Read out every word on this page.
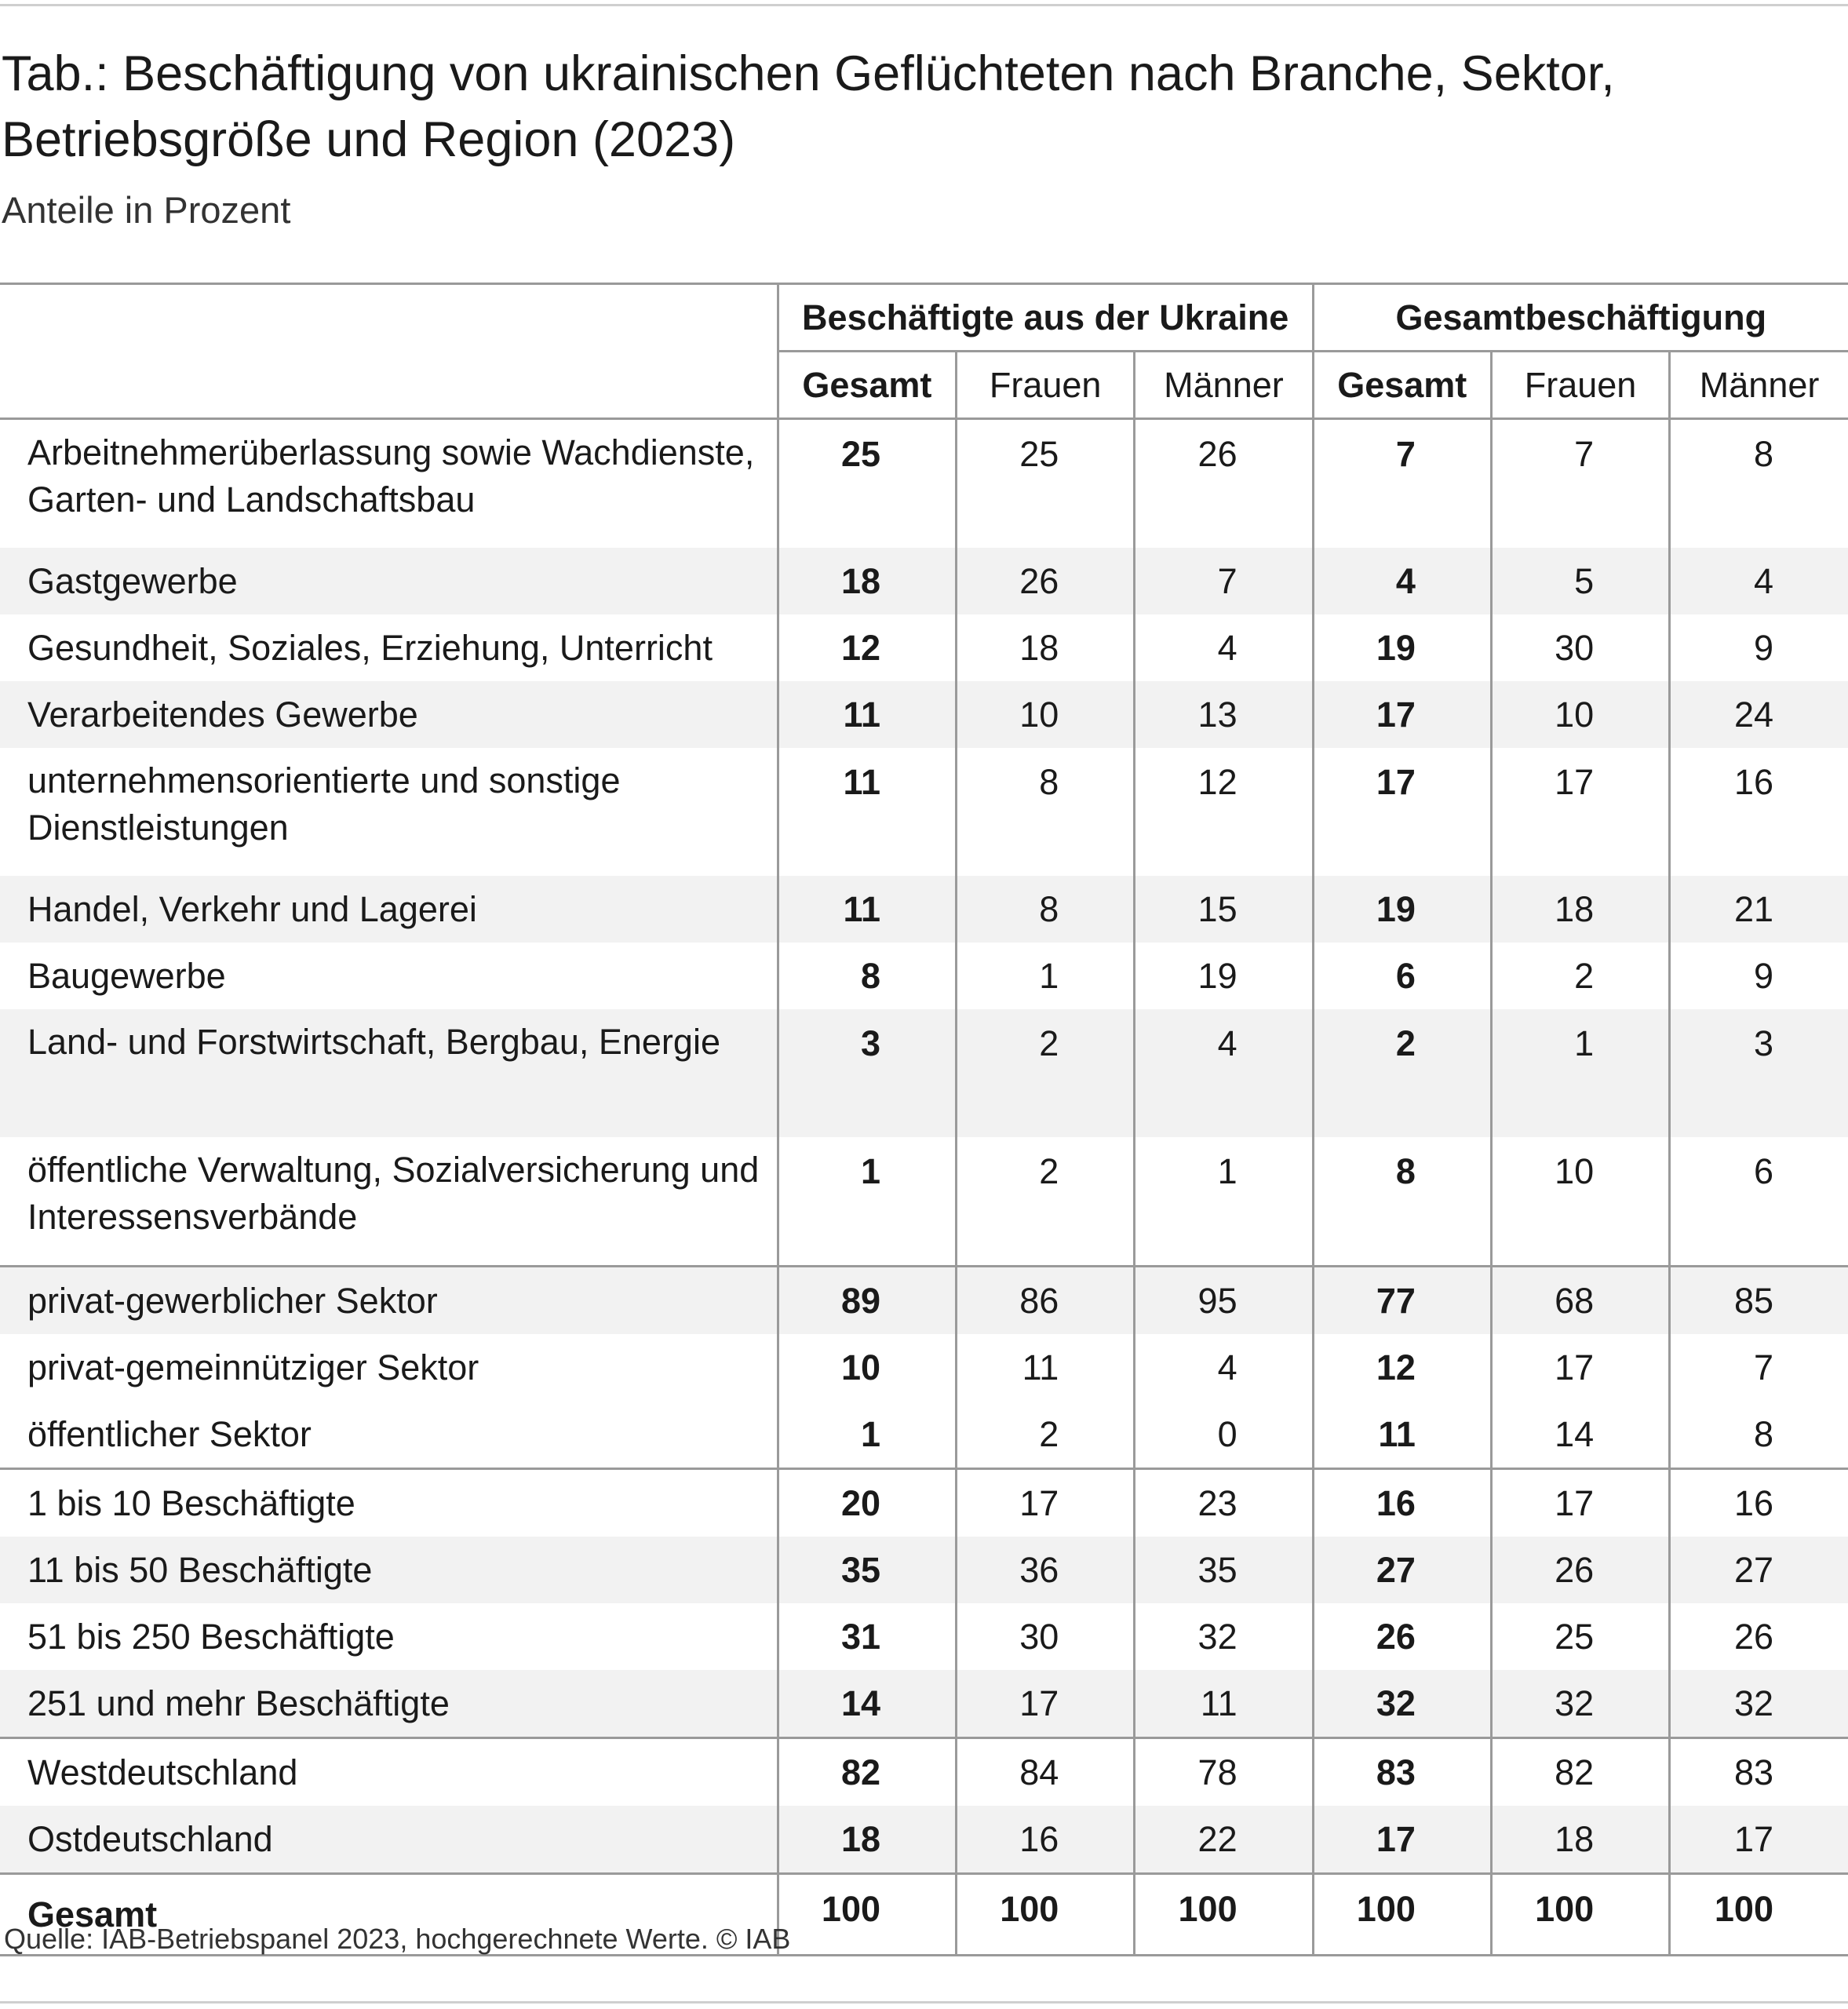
Tab.: Beschäftigung von ukrainischen Geflüchteten nach Branche, Sektor, Betriebsgröße und Region (2023)
Anteile in Prozent
	Beschäftigte aus der Ukraine			Gesamtbeschäftigung		
	Gesamt	Frauen	Männer	Gesamt	Frauen	Männer
Arbeitnehmerüberlassung sowie Wachdienste, Garten- und Landschaftsbau	25	25	26	7	7	8
Gastgewerbe	18	26	7	4	5	4
Gesundheit, Soziales, Erziehung, Unterricht	12	18	4	19	30	9
Verarbeitendes Gewerbe	11	10	13	17	10	24
unternehmensorientierte und sonstige Dienstleistungen	11	8	12	17	17	16
Handel, Verkehr und Lagerei	11	8	15	19	18	21
Baugewerbe	8	1	19	6	2	9
Land- und Forstwirtschaft, Bergbau, Energie	3	2	4	2	1	3
öffentliche Verwaltung, Sozialversicherung und Interessensverbände	1	2	1	8	10	6
privat-gewerblicher Sektor	89	86	95	77	68	85
privat-gemeinnütziger Sektor	10	11	4	12	17	7
öffentlicher Sektor	1	2	0	11	14	8
1 bis 10 Beschäftigte	20	17	23	16	17	16
11 bis 50 Beschäftigte	35	36	35	27	26	27
51 bis 250 Beschäftigte	31	30	32	26	25	26
251 und mehr Beschäftigte	14	17	11	32	32	32
Westdeutschland	82	84	78	83	82	83
Ostdeutschland	18	16	22	17	18	17
Gesamt	100	100	100	100	100	100
Quelle: IAB-Betriebspanel 2023, hochgerechnete Werte. © IAB
